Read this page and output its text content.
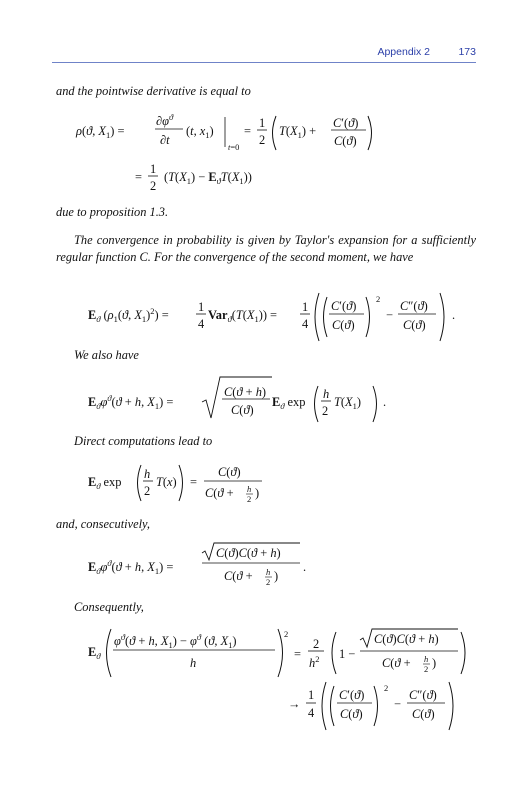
Appendix 2	173
and the pointwise derivative is equal to
ρ(ϑ, $X_1$) =
$\partial\varphi^ϑ$
∂t
(t, $x_1$)
t=0
=
1
2
$T(X_1)$ +
C′(ϑ)
C(ϑ)
=
1
2
$(T(X_1) - E_ϑT(X_1))$
due to proposition 1.3.
The convergence in probability is given by Taylor's expansion for a sufficiently regular function C. For the convergence of the second moment, we have
$E_ϑ$ ($\rho_1(ϑ$, $X_1)^2$) =
1
4
$Var_ϑ(T(X_1))$ =
1
4
C′(ϑ)
C(ϑ)
2
−
C″(ϑ)
C(ϑ)
.
We also have
$E_ϑ\varphi^ϑ(ϑ + h$, $X_1$) =
C(ϑ + h)
C(ϑ)
$E_ϑ$ exp
h
2
$T(X_1)$ .
Direct computations lead to
$E_ϑ$ exp
h
2
T(x) =
C(ϑ)
C(ϑ + h
2 )
and, consecutively,
$E_ϑ\varphi^ϑ(ϑ + h$, $X_1$) =
C(ϑ)C(ϑ + h)
C(ϑ + h
2 )
.
Consequently,
$E_ϑ$
$\varphi^ϑ(ϑ + h$, $X_1) - \varphi^ϑ$ (ϑ, $X_1$)
h
2
=
2
$h^2$ 1 −
C(ϑ)C(ϑ + h)
C(ϑ + h
2 )
→
1
4
C′(ϑ)
C(ϑ)
2
−
C″(ϑ)
C(ϑ)
